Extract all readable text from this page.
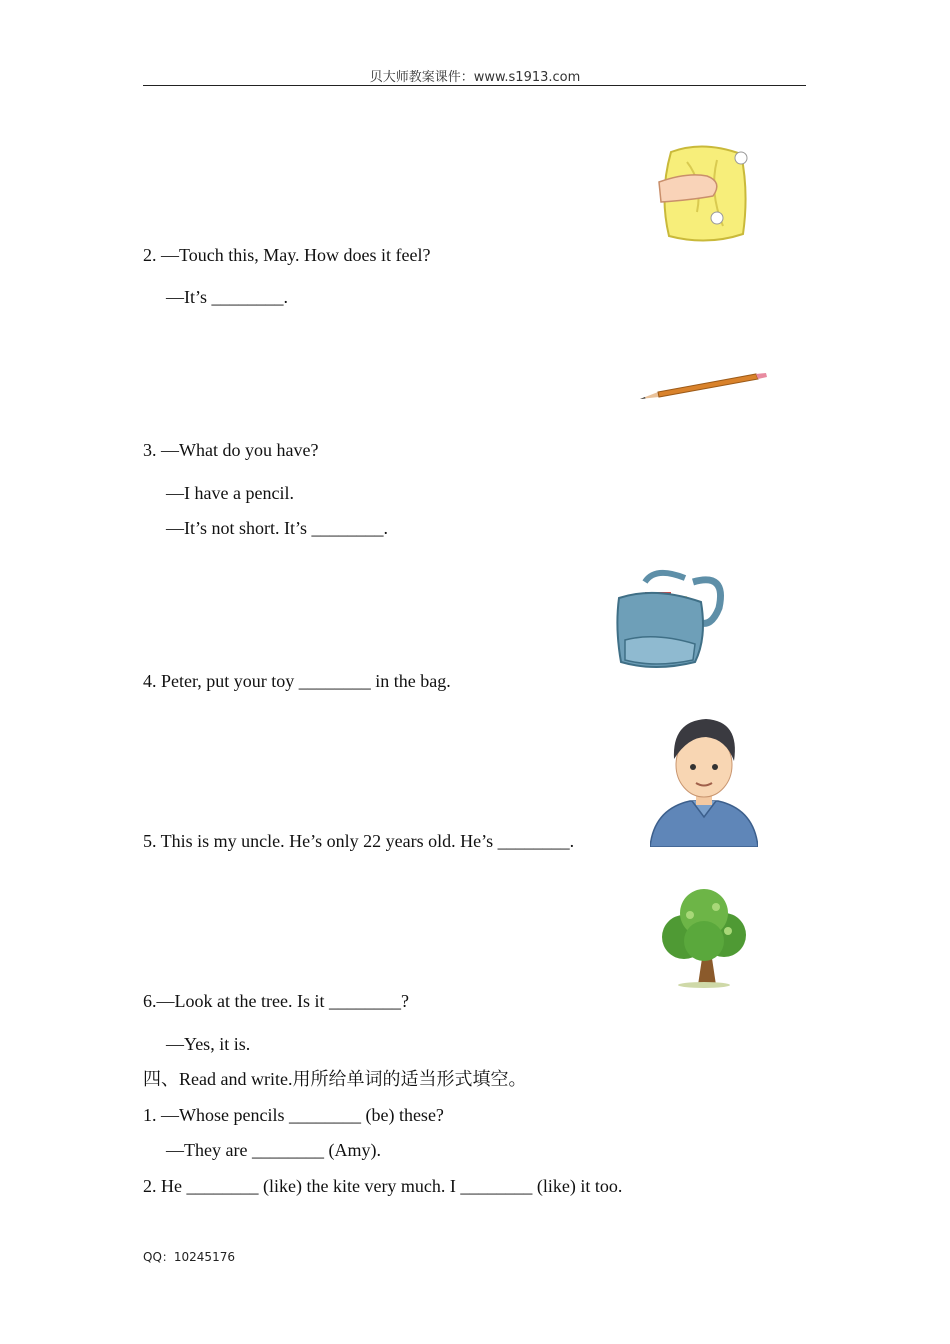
贝大师教案课件：www.s1913.com
2. —Touch this, May. How does it feel?
—It’s ________.
3. —What do you have?
—I have a pencil.
—It’s not short. It’s ________.
4. Peter, put your toy ________ in the bag.
5. This is my uncle. He’s only 22 years old. He’s ________.
6.—Look at the tree. Is it ________?
—Yes, it is.
四、Read and write.用所给单词的适当形式填空。
1. —Whose pencils ________ (be) these?
—They are ________ (Amy).
2. He ________ (like) the kite very much. I ________ (like) it too.
QQ：10245176
